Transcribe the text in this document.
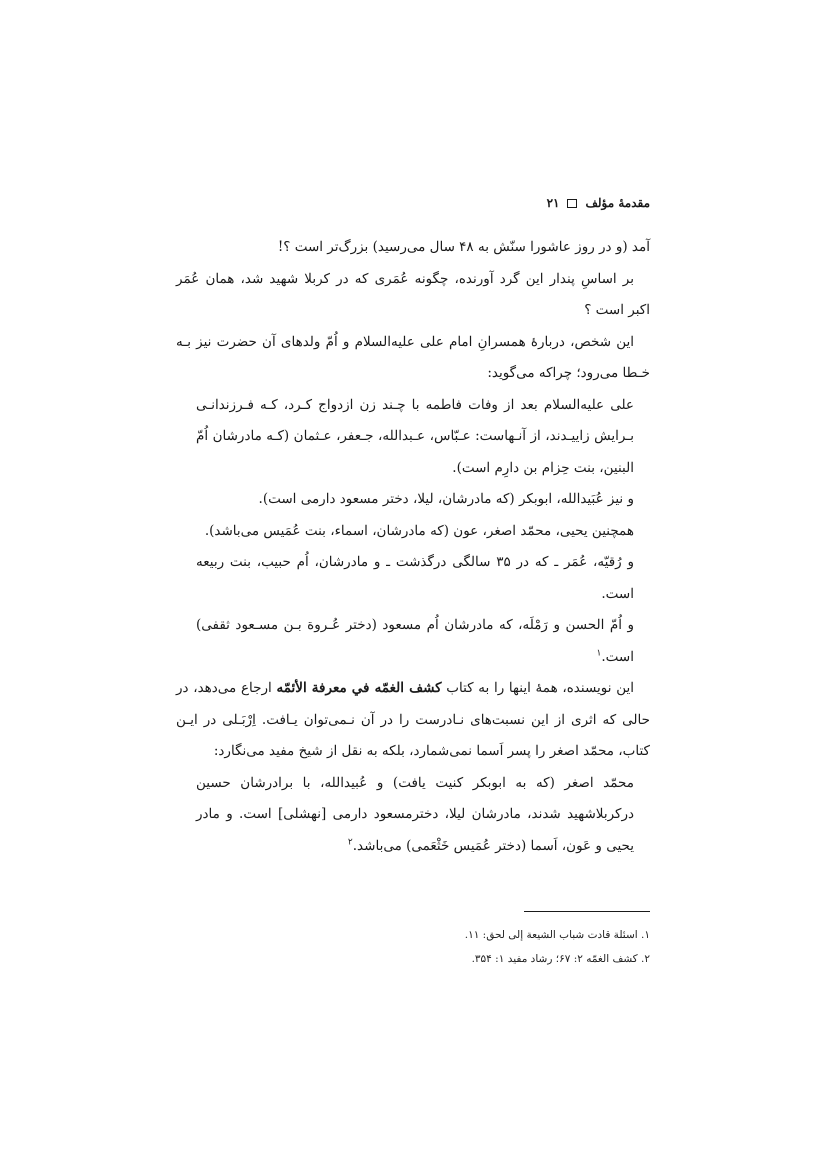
مقدمهٔ مؤلف
۲۱

آمد (و در روز عاشورا سنّش به ۴۸ سال می‌رسید) بزرگ‌تر است ؟!

بر اساسِ پندار این گرد آورنده، چگونه عُمَری که در کربلا شهید شد، همان عُمَر اکبر است ؟

این شخص، دربارهٔ همسرانِ امام علی علیه‌السلام و اُمّ ولدهای آن حضرت نیز بـه خـطا می‌رود؛ چراکه می‌گوید:

علی علیه‌السلام بعد از وفات فاطمه با چـند زن ازدواج کـرد، کـه فـرزندانـی بـرایش زاییـدند، از آنـهاست: عـبّاس، عـبدالله، جـعفر، عـثمان (کـه مادرشان اُمّ البنین، بنت حِزام بن دارِم است).

و نیز عُبَیدالله، ابوبکر (که مادرشان، لیلا، دختر مسعود دارمی است).

همچنین یحیی، محمّد اصغر، عون (که مادرشان، اسماء، بنت عُمَیس می‌باشد).

و رُقیّه، عُمَر ـ که در ۳۵ سالگی درگذشت ـ و مادرشان، اُم حبیب، بنت ربیعه است.

و اُمّ الحسن و رَمْلَه، که مادرشان اُم مسعود (دختر عُـروة بـن مسـعود ثقفی) است.$^۱$

این نویسنده، همهٔ اینها را به کتاب کشف الغمّه في معرفة الأئمّه ارجاع می‌دهد، در حالی که اثری از این نسبت‌های نـادرست را در آن نـمی‌توان یـافت. اِرْبَـلی در ایـن کتاب، محمّد اصغر را پسر اَسما نمی‌شمارد، بلکه به نقل از شیخ مفید می‌نگارد:

محمّد اصغر (که به ابوبکر کنیت یافت) و عُبیدالله، با برادرشان حسین درکربلاشهید شدند، مادرشان لیلا، دخترمسعود دارمی [نهشلی] است. و مادر یحیی و عَون، اَسما (دختر عُمَیس خَثْعَمی) می‌باشد.$^۲$

۱. اسئلة قادت شباب الشیعة إلی لحق: ۱۱.

۲. کشف الغمّه ۲: ۶۷؛ رشاد مفید ۱: ۳۵۴.
